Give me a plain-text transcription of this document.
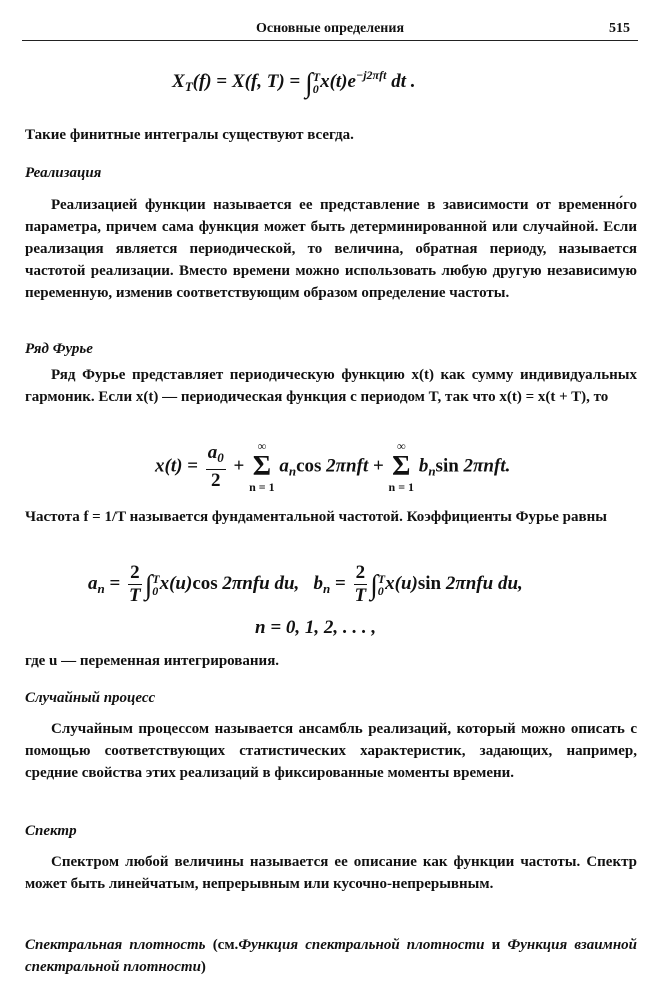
Основные определения	515
$X_T(f) = X(f$, T) = ∫ T
0 $x(t)e^{-j2\pi ft}$ dt .
Такие финитные интегралы существуют всегда.
Реализация
Реализацией функции называется ее представление в зависимости от временно́го параметра, причем сама функция может быть детерминированной или случайной. Если реализация является периодической, то величина, обратная периоду, называется частотой реализации. Вместо времени можно использовать любую другую независимую переменную, изменив соответствующим образом определение частоты.
Ряд Фурье
Ряд Фурье представляет периодическую функцию x(t) как сумму индивидуальных гармоник. Если x(t) — периодическая функция с периодом T, так что x(t) = x(t + T), то
$x(t) = \frac{a_0}{2}$ +
∞
Σ
n = 1
$a_n\cos$ 2πnft +
∞
Σ
n = 1
$b_n\sin$ 2πnft.
Частота f = 1/T называется фундаментальной частотой. Коэффициенты Фурье равны
$a_n = \frac{2}{T}$ ∫ T
0 x(u)cos 2πnfu du,   $b_n = \frac{2}{T}$ ∫ T
0 x(u)sin 2πnfu du,
n = 0, 1, 2, . . . ,
где u — переменная интегрирования.
Случайный процесс
Случайным процессом называется ансамбль реализаций, который можно описать с помощью соответствующих статистических характеристик, задающих, например, средние свойства этих реализаций в фиксированные моменты времени.
Спектр
Спектром любой величины называется ее описание как функции частоты. Спектр может быть линейчатым, непрерывным или кусочно-непрерывным.
Спектральная плотность (см.Функция спектральной плотности и Функция взаимной спектральной плотности)
